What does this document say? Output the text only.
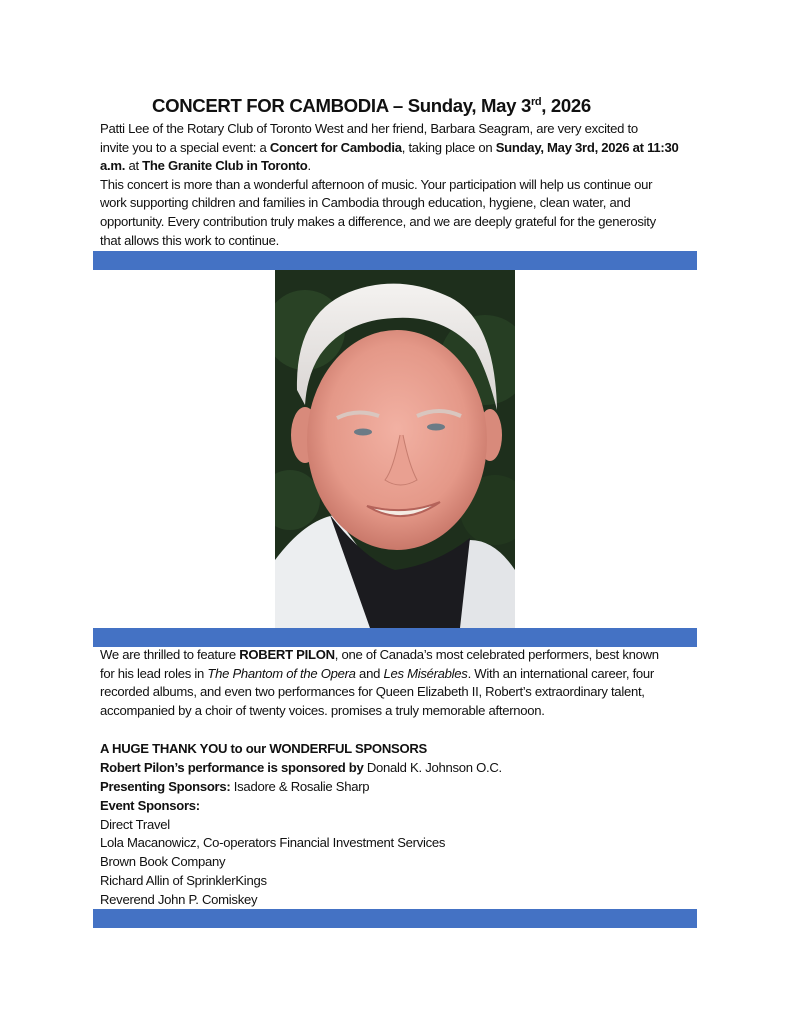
CONCERT FOR CAMBODIA – Sunday, May 3rd, 2026
Patti Lee of the Rotary Club of Toronto West and her friend, Barbara Seagram, are very excited to
invite you to a special event: a Concert for Cambodia, taking place on Sunday, May 3rd, 2026 at 11:30
a.m. at The Granite Club in Toronto.
This concert is more than a wonderful afternoon of music. Your participation will help us continue our
work supporting children and families in Cambodia through education, hygiene, clean water, and
opportunity. Every contribution truly makes a difference, and we are deeply grateful for the generosity
that allows this work to continue.
We are thrilled to feature ROBERT PILON, one of Canada’s most celebrated performers, best known
for his lead roles in The Phantom of the Opera and Les Misérables. With an international career, four
recorded albums, and even two performances for Queen Elizabeth II, Robert’s extraordinary talent,
accompanied by a choir of twenty voices. promises a truly memorable afternoon.
A HUGE THANK YOU to our WONDERFUL SPONSORS
Robert Pilon’s performance is sponsored by Donald K. Johnson O.C.
Presenting Sponsors: Isadore & Rosalie Sharp
Event Sponsors:
Direct Travel
Lola Macanowicz, Co-operators Financial Investment Services
Brown Book Company
Richard Allin of SprinklerKings
Reverend John P. Comiskey
